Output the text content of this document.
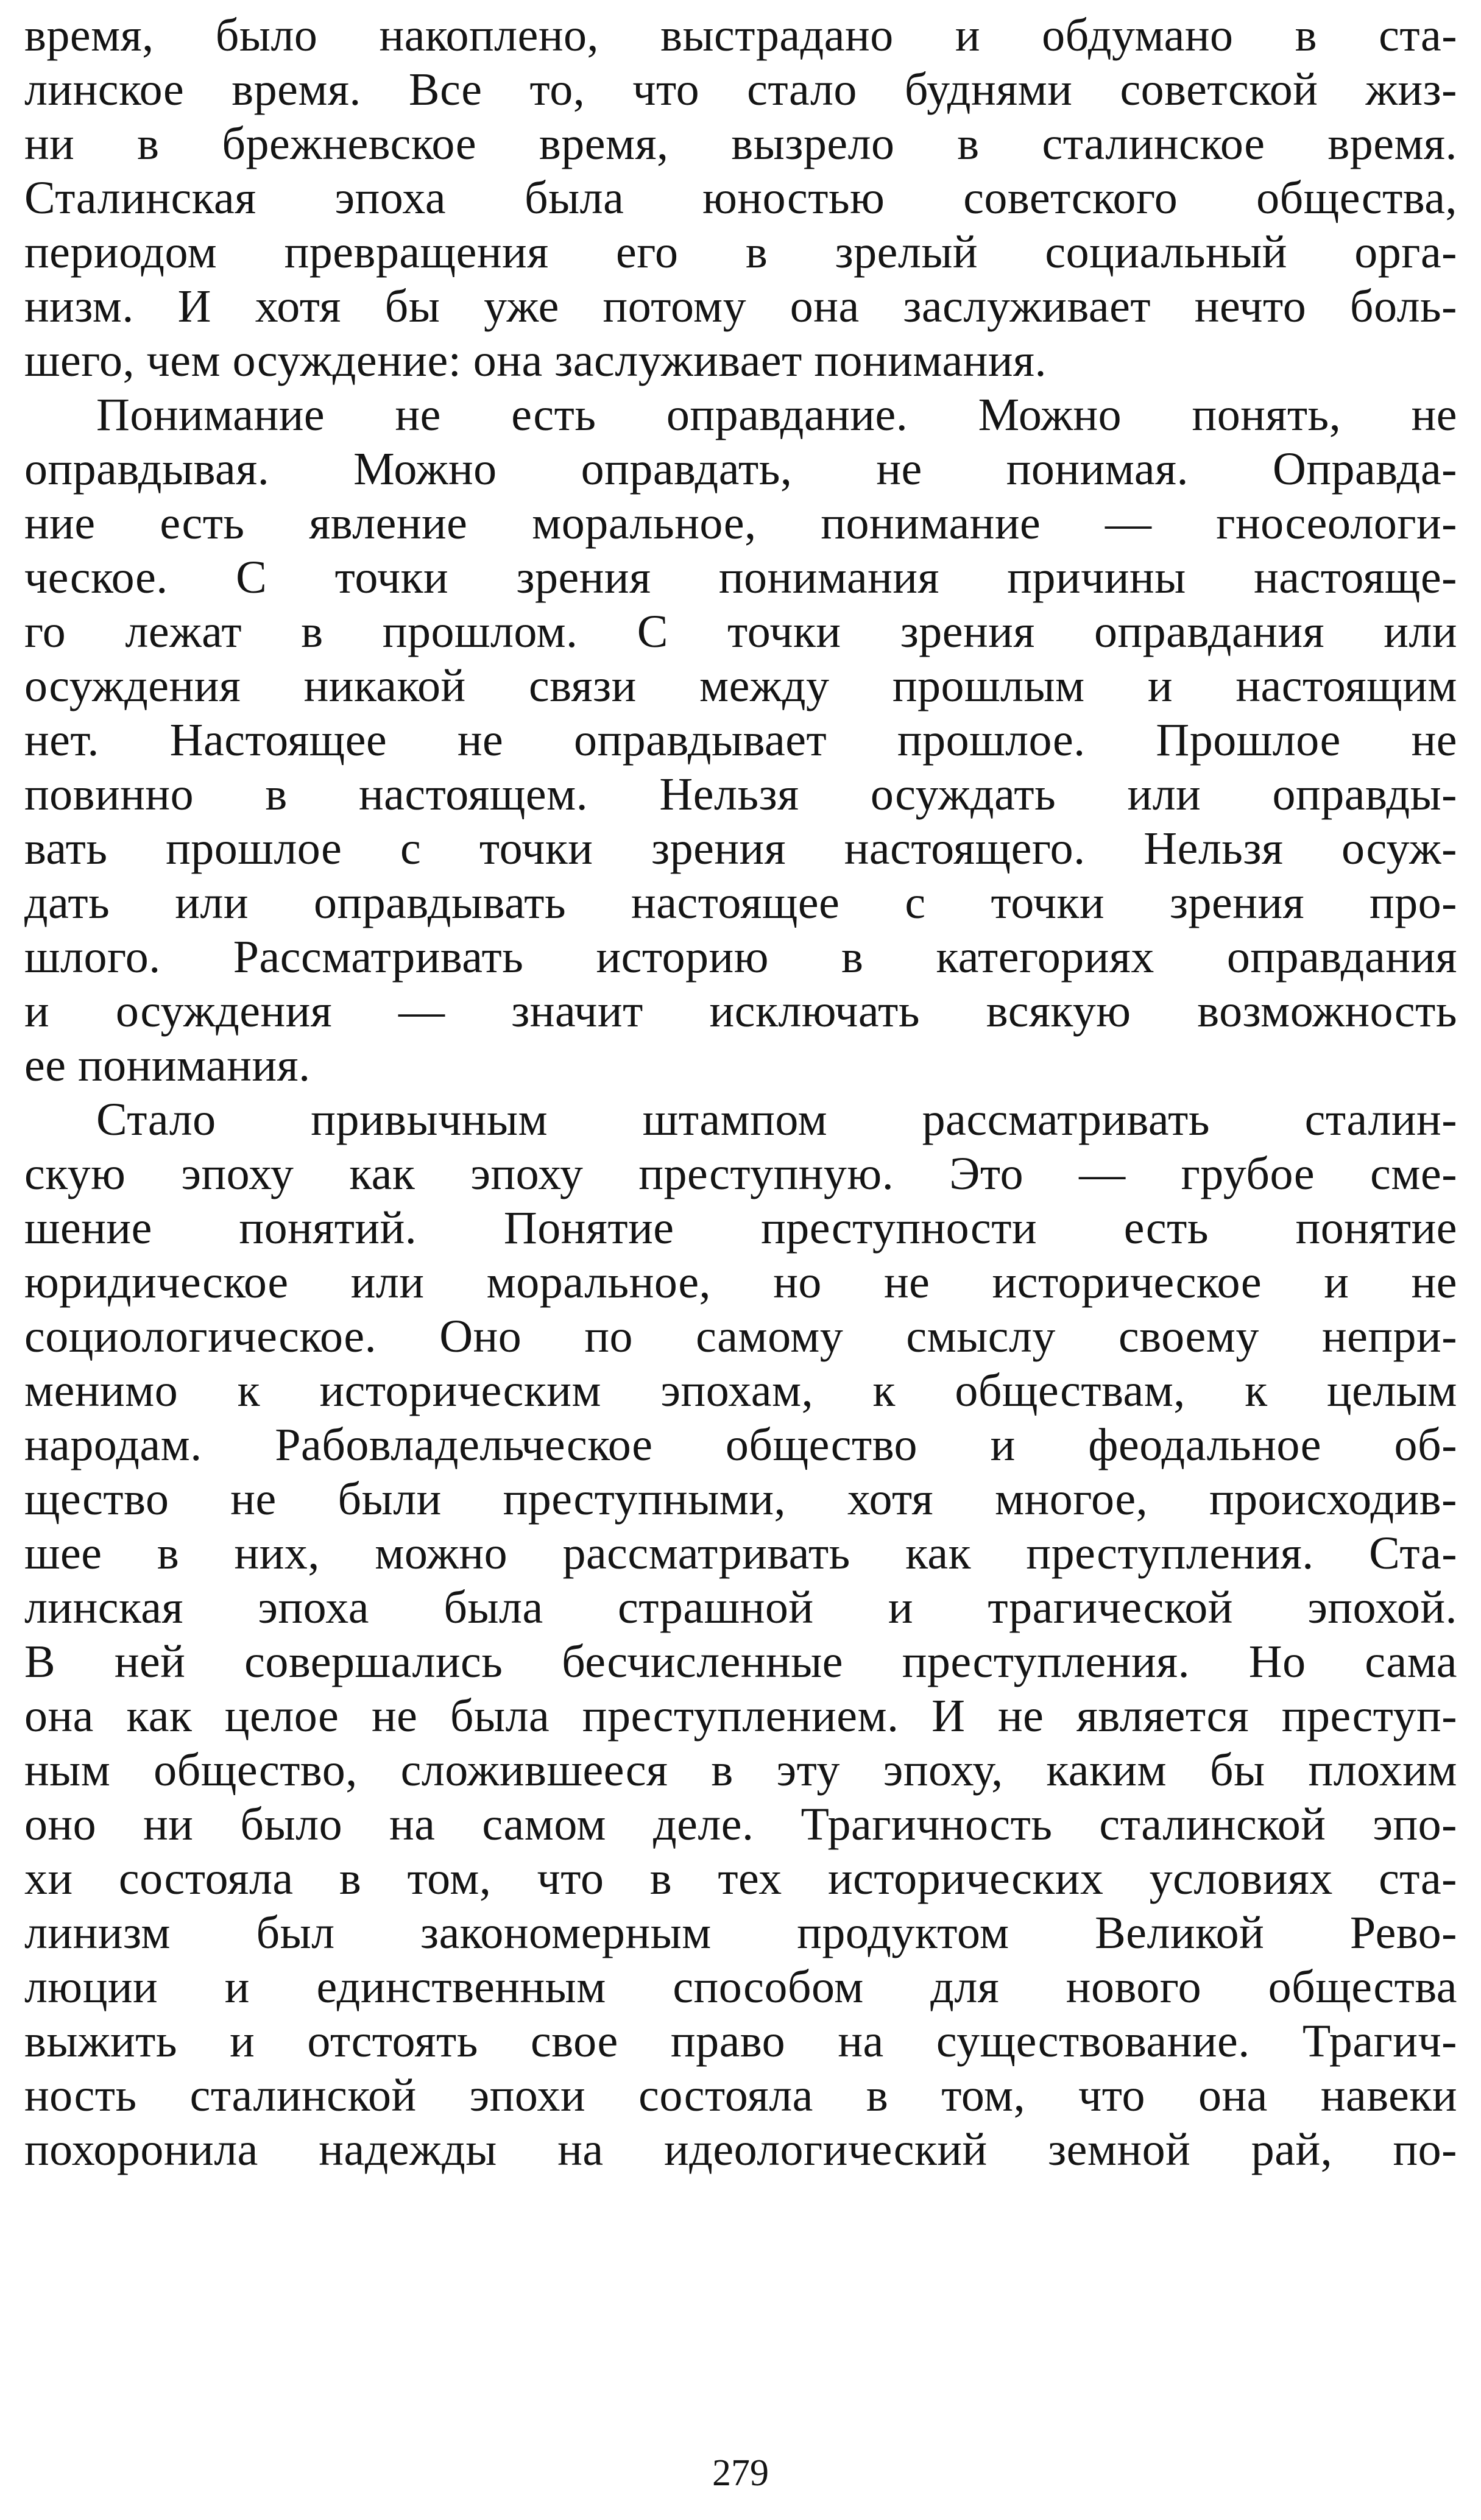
время, было накоплено, выстрадано и обдумано в ста-
линское время. Все то, что стало буднями советской жиз-
ни в брежневское время, вызрело в сталинское время.
Сталинская эпоха была юностью советского общества,
периодом превращения его в зрелый социальный орга-
низм. И хотя бы уже потому она заслуживает нечто боль-
шего, чем осуждение: она заслуживает понимания.
Понимание не есть оправдание. Можно понять, не
оправдывая. Можно оправдать, не понимая. Оправда-
ние есть явление моральное, понимание — гносеологи-
ческое. С точки зрения понимания причины настояще-
го лежат в прошлом. С точки зрения оправдания или
осуждения никакой связи между прошлым и настоящим
нет. Настоящее не оправдывает прошлое. Прошлое не
повинно в настоящем. Нельзя осуждать или оправды-
вать прошлое с точки зрения настоящего. Нельзя осуж-
дать или оправдывать настоящее с точки зрения про-
шлого. Рассматривать историю в категориях оправдания
и осуждения — значит исключать всякую возможность
ее понимания.
Стало привычным штампом рассматривать сталин-
скую эпоху как эпоху преступную. Это — грубое сме-
шение понятий. Понятие преступности есть понятие
юридическое или моральное, но не историческое и не
социологическое. Оно по самому смыслу своему непри-
менимо к историческим эпохам, к обществам, к целым
народам. Рабовладельческое общество и феодальное об-
щество не были преступными, хотя многое, происходив-
шее в них, можно рассматривать как преступления. Ста-
линская эпоха была страшной и трагической эпохой.
В ней совершались бесчисленные преступления. Но сама
она как целое не была преступлением. И не является преступ-
ным общество, сложившееся в эту эпоху, каким бы плохим
оно ни было на самом деле. Трагичность сталинской эпо-
хи состояла в том, что в тех исторических условиях ста-
линизм был закономерным продуктом Великой Рево-
люции и единственным способом для нового общества
выжить и отстоять свое право на существование. Трагич-
ность сталинской эпохи состояла в том, что она навеки
похоронила надежды на идеологический земной рай, по-
279
